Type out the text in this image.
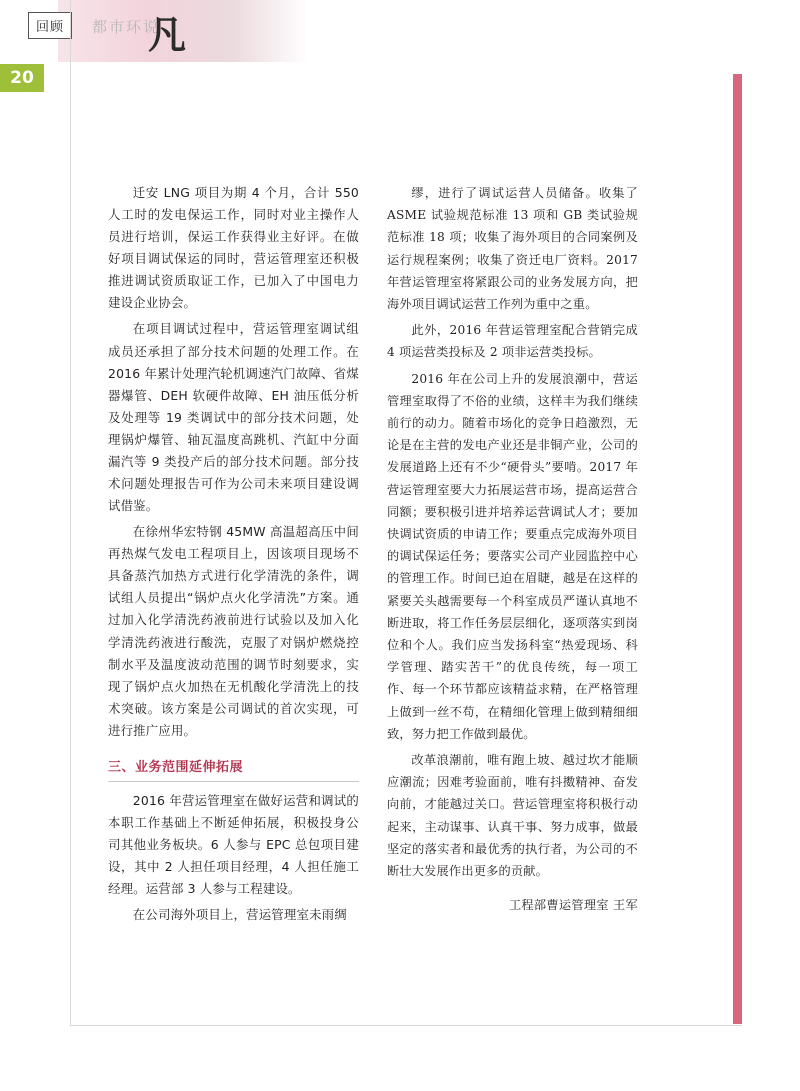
都市环说
凡
回顾
20

迁安 LNG 项目为期 4 个月，合计 550 人工时的发电保运工作，同时对业主操作人员进行培训，保运工作获得业主好评。在做好项目调试保运的同时，营运管理室还积极推进调试资质取证工作，已加入了中国电力建设企业协会。

在项目调试过程中，营运管理室调试组成员还承担了部分技术问题的处理工作。在 2016 年累计处理汽轮机调速汽门故障、省煤器爆管、DEH 软硬件故障、EH 油压低分析及处理等 19 类调试中的部分技术问题，处理锅炉爆管、轴瓦温度高跳机、汽缸中分面漏汽等 9 类投产后的部分技术问题。部分技术问题处理报告可作为公司未来项目建设调试借鉴。

在徐州华宏特钢 45MW 高温超高压中间再热煤气发电工程项目上，因该项目现场不具备蒸汽加热方式进行化学清洗的条件，调试组人员提出“锅炉点火化学清洗”方案。通过加入化学清洗药液前进行试验以及加入化学清洗药液进行酸洗，克服了对锅炉燃烧控制水平及温度波动范围的调节时刻要求，实现了锅炉点火加热在无机酸化学清洗上的技术突破。该方案是公司调试的首次实现，可进行推广应用。

三、业务范围延伸拓展

2016 年营运管理室在做好运营和调试的本职工作基础上不断延伸拓展，积极投身公司其他业务板块。6 人参与 EPC 总包项目建设，其中 2 人担任项目经理，4 人担任施工经理。运营部 3 人参与工程建设。

在公司海外项目上，营运管理室未雨绸

缪，进行了调试运营人员储备。收集了 ASME 试验规范标准 13 项和 GB 类试验规范标准 18 项；收集了海外项目的合同案例及运行规程案例；收集了资迁电厂资料。2017 年营运管理室将紧跟公司的业务发展方向，把海外项目调试运营工作列为重中之重。

此外，2016 年营运管理室配合营销完成 4 项运营类投标及 2 项非运营类投标。

2016 年在公司上升的发展浪潮中，营运管理室取得了不俗的业绩，这样丰为我们继续前行的动力。随着市场化的竞争日趋激烈，无论是在主营的发电产业还是非铜产业，公司的发展道路上还有不少“硬骨头”要啃。2017 年营运管理室要大力拓展运营市场，提高运营合同额；要积极引进并培养运营调试人才；要加快调试资质的申请工作；要重点完成海外项目的调试保运任务；要落实公司产业园监控中心的管理工作。时间已迫在眉睫，越是在这样的紧要关头越需要每一个科室成员严谨认真地不断进取，将工作任务层层细化，逐项落实到岗位和个人。我们应当发扬科室“热爱现场、科学管理、踏实苦干”的优良传统，每一项工作、每一个环节都应该精益求精，在严格管理上做到一丝不苟，在精细化管理上做到精细细致，努力把工作做到最优。

改革浪潮前，唯有跑上坡、越过坎才能顺应潮流；因难考验面前，唯有抖擞精神、奋发向前，才能越过关口。营运管理室将积极行动起来，主动谋事、认真干事、努力成事，做最坚定的落实者和最优秀的执行者，为公司的不断壮大发展作出更多的贡献。

工程部曹运管理室 王军
